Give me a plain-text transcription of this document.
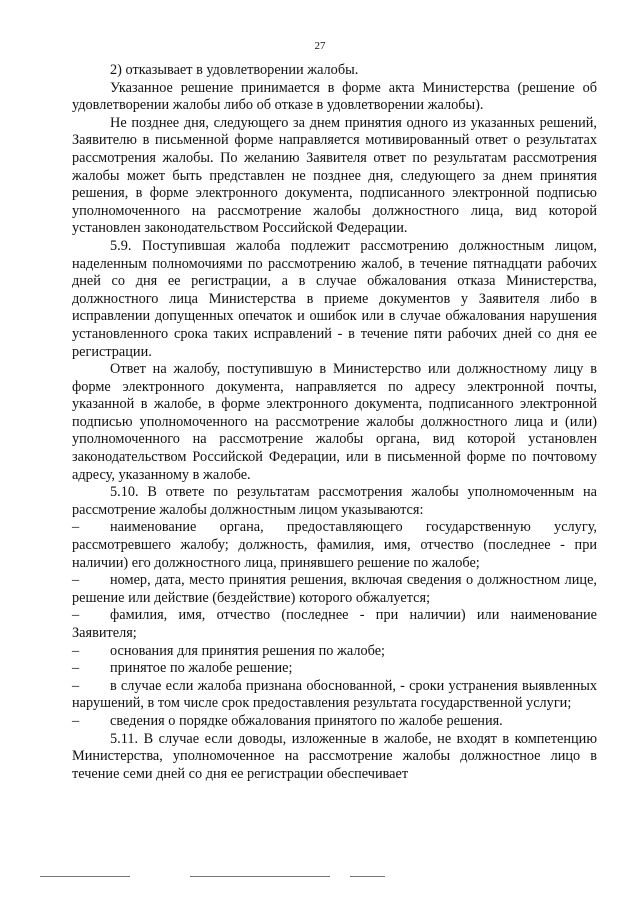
27

2) отказывает в удовлетворении жалобы.

Указанное решение принимается в форме акта Министерства (решение об удовлетворении жалобы либо об отказе в удовлетворении жалобы).

Не позднее дня, следующего за днем принятия одного из указанных решений, Заявителю в письменной форме направляется мотивированный ответ о результатах рассмотрения жалобы. По желанию Заявителя ответ по результатам рассмотрения жалобы может быть представлен не позднее дня, следующего за днем принятия решения, в форме электронного документа, подписанного электронной подписью уполномоченного на рассмотрение жалобы должностного лица, вид которой установлен законодательством Российской Федерации.

5.9. Поступившая жалоба подлежит рассмотрению должностным лицом, наделенным полномочиями по рассмотрению жалоб, в течение пятнадцати рабочих дней со дня ее регистрации, а в случае обжалования отказа Министерства, должностного лица Министерства в приеме документов у Заявителя либо в исправлении допущенных опечаток и ошибок или в случае обжалования нарушения установленного срока таких исправлений - в течение пяти рабочих дней со дня ее регистрации.

Ответ на жалобу, поступившую в Министерство или должностному лицу в форме электронного документа, направляется по адресу электронной почты, указанной в жалобе, в форме электронного документа, подписанного электронной подписью уполномоченного на рассмотрение жалобы должностного лица и (или) уполномоченного на рассмотрение жалобы органа, вид которой установлен законодательством Российской Федерации, или в письменной форме по почтовому адресу, указанному в жалобе.

5.10. В ответе по результатам рассмотрения жалобы уполномоченным на рассмотрение жалобы должностным лицом указываются:

– наименование органа, предоставляющего государственную услугу, рассмотревшего жалобу; должность, фамилия, имя, отчество (последнее - при наличии) его должностного лица, принявшего решение по жалобе;

– номер, дата, место принятия решения, включая сведения о должностном лице, решение или действие (бездействие) которого обжалуется;

– фамилия, имя, отчество (последнее - при наличии) или наименование Заявителя;

– основания для принятия решения по жалобе;

– принятое по жалобе решение;

– в случае если жалоба признана обоснованной, - сроки устранения выявленных нарушений, в том числе срок предоставления результата государственной услуги;

– сведения о порядке обжалования принятого по жалобе решения.

5.11. В случае если доводы, изложенные в жалобе, не входят в компетенцию Министерства, уполномоченное на рассмотрение жалобы должностное лицо в течение семи дней со дня ее регистрации обеспечивает
